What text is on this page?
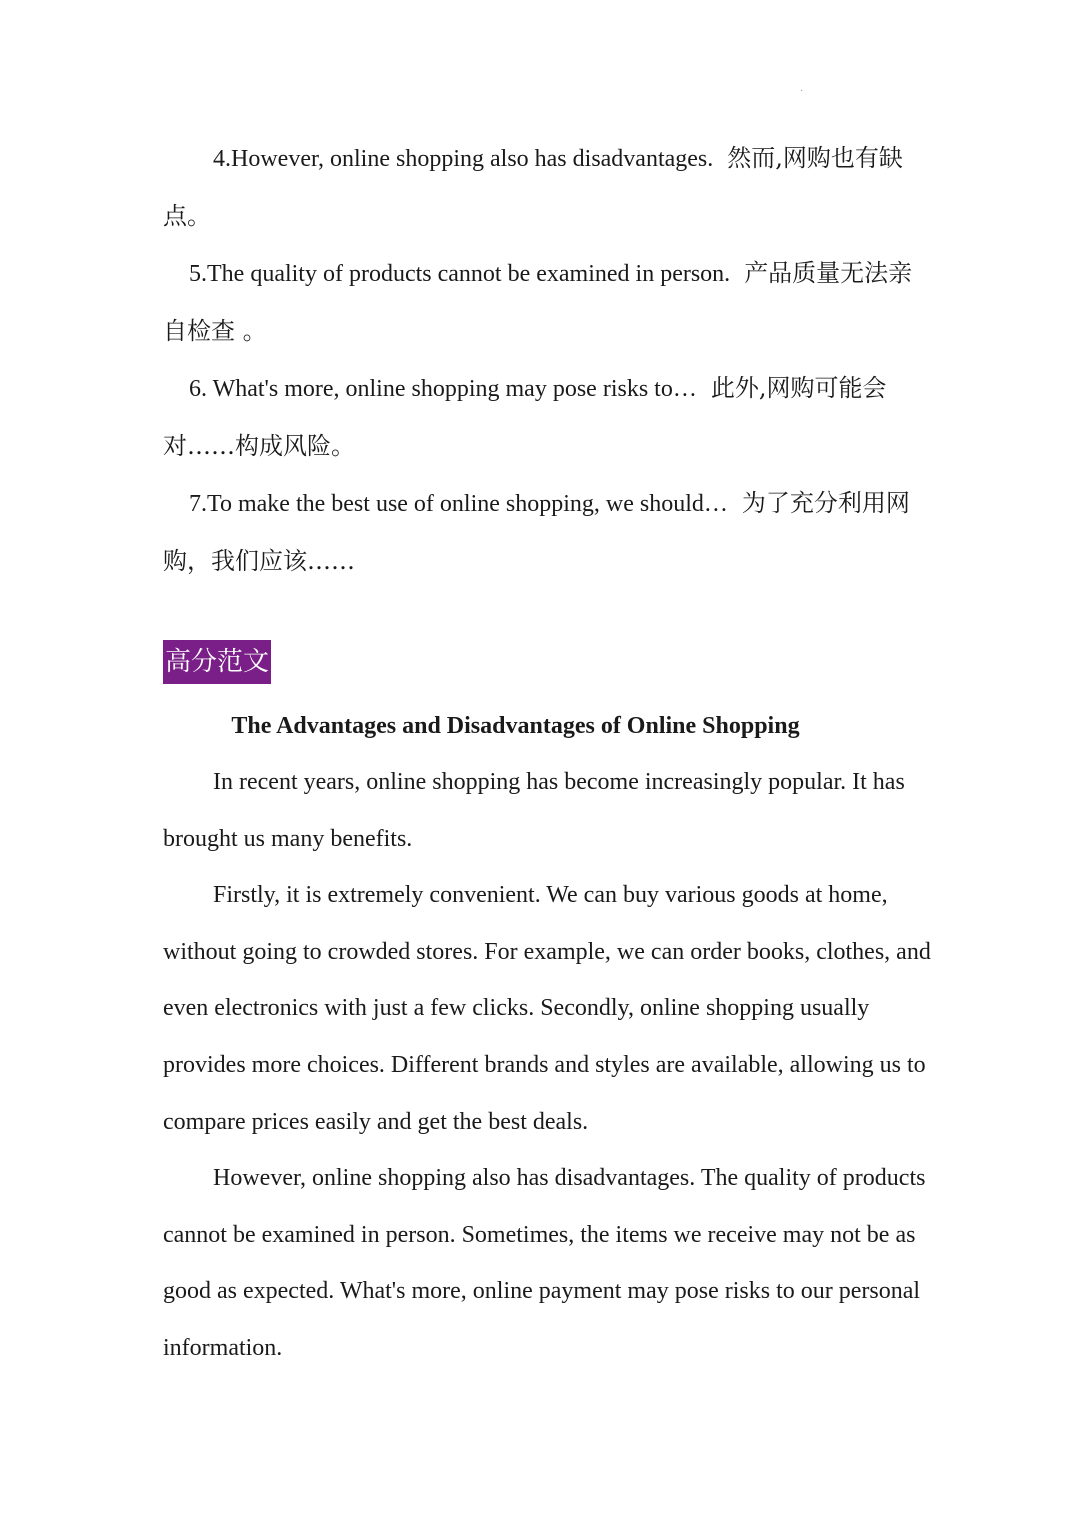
·

4.However, online shopping also has disadvantages. 然而,网购也有缺点。

5.The quality of products cannot be examined in person. 产品质量无法亲自检查 。

6. What's more, online shopping may pose risks to… 此外,网购可能会对……构成风险。

7.To make the best use of online shopping, we should… 为了充分利用网购，我们应该……

高分范文
The Advantages and Disadvantages of Online Shopping

In recent years, online shopping has become increasingly popular. It has brought us many benefits.

Firstly, it is extremely convenient. We can buy various goods at home, without going to crowded stores. For example, we can order books, clothes, and even electronics with just a few clicks. Secondly, online shopping usually provides more choices. Different brands and styles are available, allowing us to compare prices easily and get the best deals.

However, online shopping also has disadvantages. The quality of products cannot be examined in person. Sometimes, the items we receive may not be as good as expected. What's more, online payment may pose risks to our personal information.
